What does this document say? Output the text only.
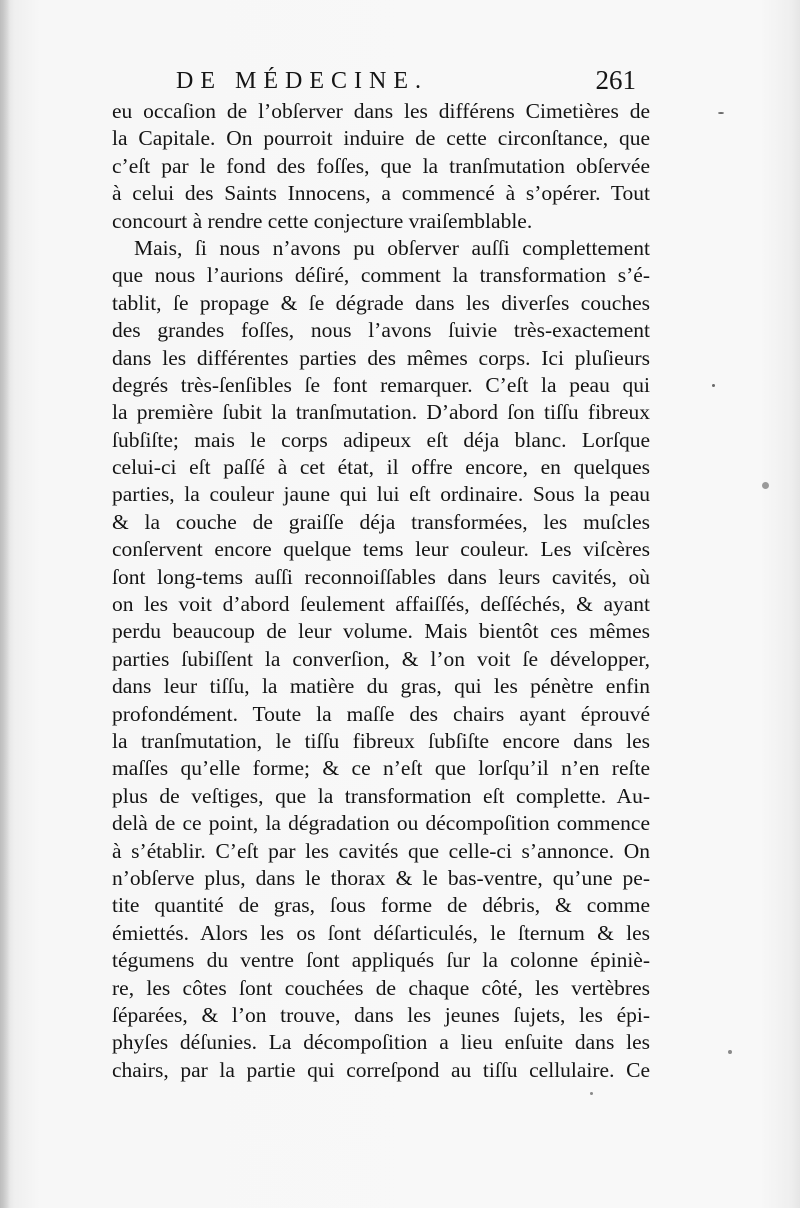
DE MÉDECINE.	261
eu occaſion de l’obſerver dans les différens Cimetières de
la Capitale. On pourroit induire de cette circonſtance, que
c’eſt par le fond des foſſes, que la tranſmutation obſervée
à celui des Saints Innocens, a commencé à s’opérer. Tout
concourt à rendre cette conjecture vraiſemblable.
Mais, ſi nous n’avons pu obſerver auſſi complettement
que nous l’aurions déſiré, comment la transformation s’é-
tablit, ſe propage & ſe dégrade dans les diverſes couches
des grandes foſſes, nous l’avons ſuivie très-exactement
dans les différentes parties des mêmes corps. Ici pluſieurs
degrés très-ſenſibles ſe font remarquer. C’eſt la peau qui
la première ſubit la tranſmutation. D’abord ſon tiſſu fibreux
ſubſiſte; mais le corps adipeux eſt déja blanc. Lorſque
celui-ci eſt paſſé à cet état, il offre encore, en quelques
parties, la couleur jaune qui lui eſt ordinaire. Sous la peau
& la couche de graiſſe déja transformées, les muſcles
conſervent encore quelque tems leur couleur. Les viſcères
ſont long-tems auſſi reconnoiſſables dans leurs cavités, où
on les voit d’abord ſeulement affaiſſés, deſſéchés, & ayant
perdu beaucoup de leur volume. Mais bientôt ces mêmes
parties ſubiſſent la converſion, & l’on voit ſe développer,
dans leur tiſſu, la matière du gras, qui les pénètre enfin
profondément. Toute la maſſe des chairs ayant éprouvé
la tranſmutation, le tiſſu fibreux ſubſiſte encore dans les
maſſes qu’elle forme; & ce n’eſt que lorſqu’il n’en reſte
plus de veſtiges, que la transformation eſt complette. Au-
delà de ce point, la dégradation ou décompoſition commence
à s’établir. C’eſt par les cavités que celle-ci s’annonce. On
n’obſerve plus, dans le thorax & le bas-ventre, qu’une pe-
tite quantité de gras, ſous forme de débris, & comme
émiettés. Alors les os ſont déſarticulés, le ſternum & les
tégumens du ventre ſont appliqués ſur la colonne épiniè-
re, les côtes ſont couchées de chaque côté, les vertèbres
ſéparées, & l’on trouve, dans les jeunes ſujets, les épi-
phyſes déſunies. La décompoſition a lieu enſuite dans les
chairs, par la partie qui correſpond au tiſſu cellulaire. Ce
